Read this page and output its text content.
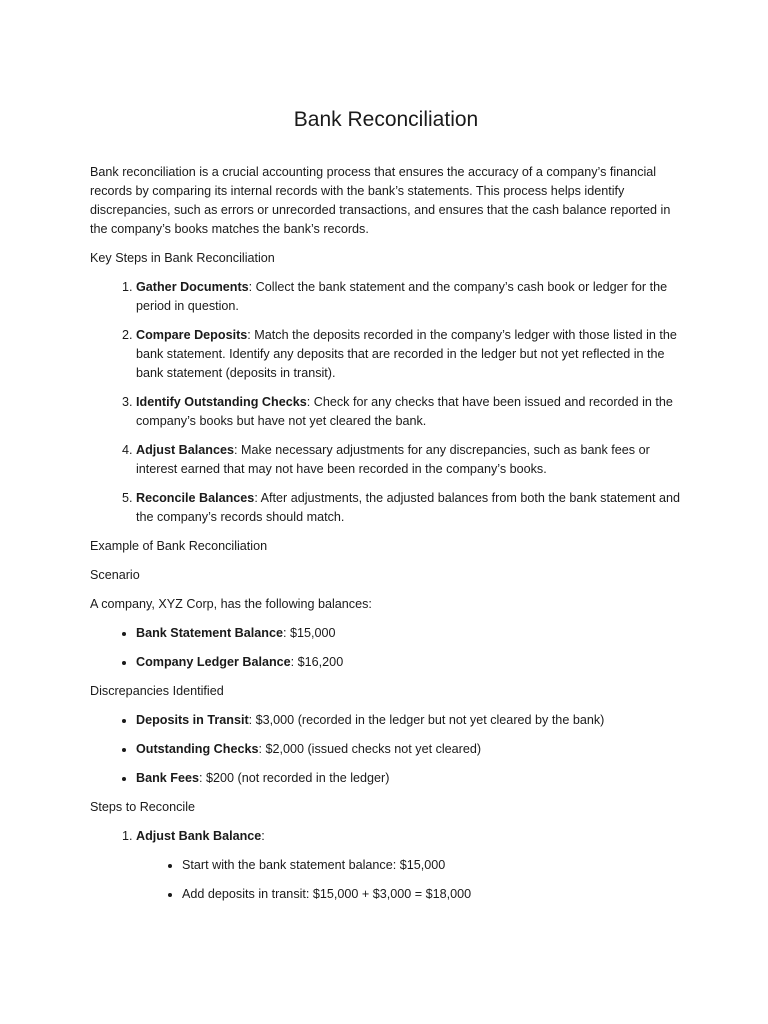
Bank Reconciliation

Bank reconciliation is a crucial accounting process that ensures the accuracy of a company’s financial records by comparing its internal records with the bank’s statements. This process helps identify discrepancies, such as errors or unrecorded transactions, and ensures that the cash balance reported in the company’s books matches the bank’s records.

Key Steps in Bank Reconciliation

1. Gather Documents: Collect the bank statement and the company’s cash book or ledger for the period in question.
2. Compare Deposits: Match the deposits recorded in the company’s ledger with those listed in the bank statement. Identify any deposits that are recorded in the ledger but not yet reflected in the bank statement (deposits in transit).
3. Identify Outstanding Checks: Check for any checks that have been issued and recorded in the company’s books but have not yet cleared the bank.
4. Adjust Balances: Make necessary adjustments for any discrepancies, such as bank fees or interest earned that may not have been recorded in the company’s books.
5. Reconcile Balances: After adjustments, the adjusted balances from both the bank statement and the company’s records should match.

Example of Bank Reconciliation

Scenario

A company, XYZ Corp, has the following balances:

• Bank Statement Balance: $15,000
• Company Ledger Balance: $16,200

Discrepancies Identified

• Deposits in Transit: $3,000 (recorded in the ledger but not yet cleared by the bank)
• Outstanding Checks: $2,000 (issued checks not yet cleared)
• Bank Fees: $200 (not recorded in the ledger)

Steps to Reconcile

1. Adjust Bank Balance:
• Start with the bank statement balance: $15,000
• Add deposits in transit: $15,000 + $3,000 = $18,000
